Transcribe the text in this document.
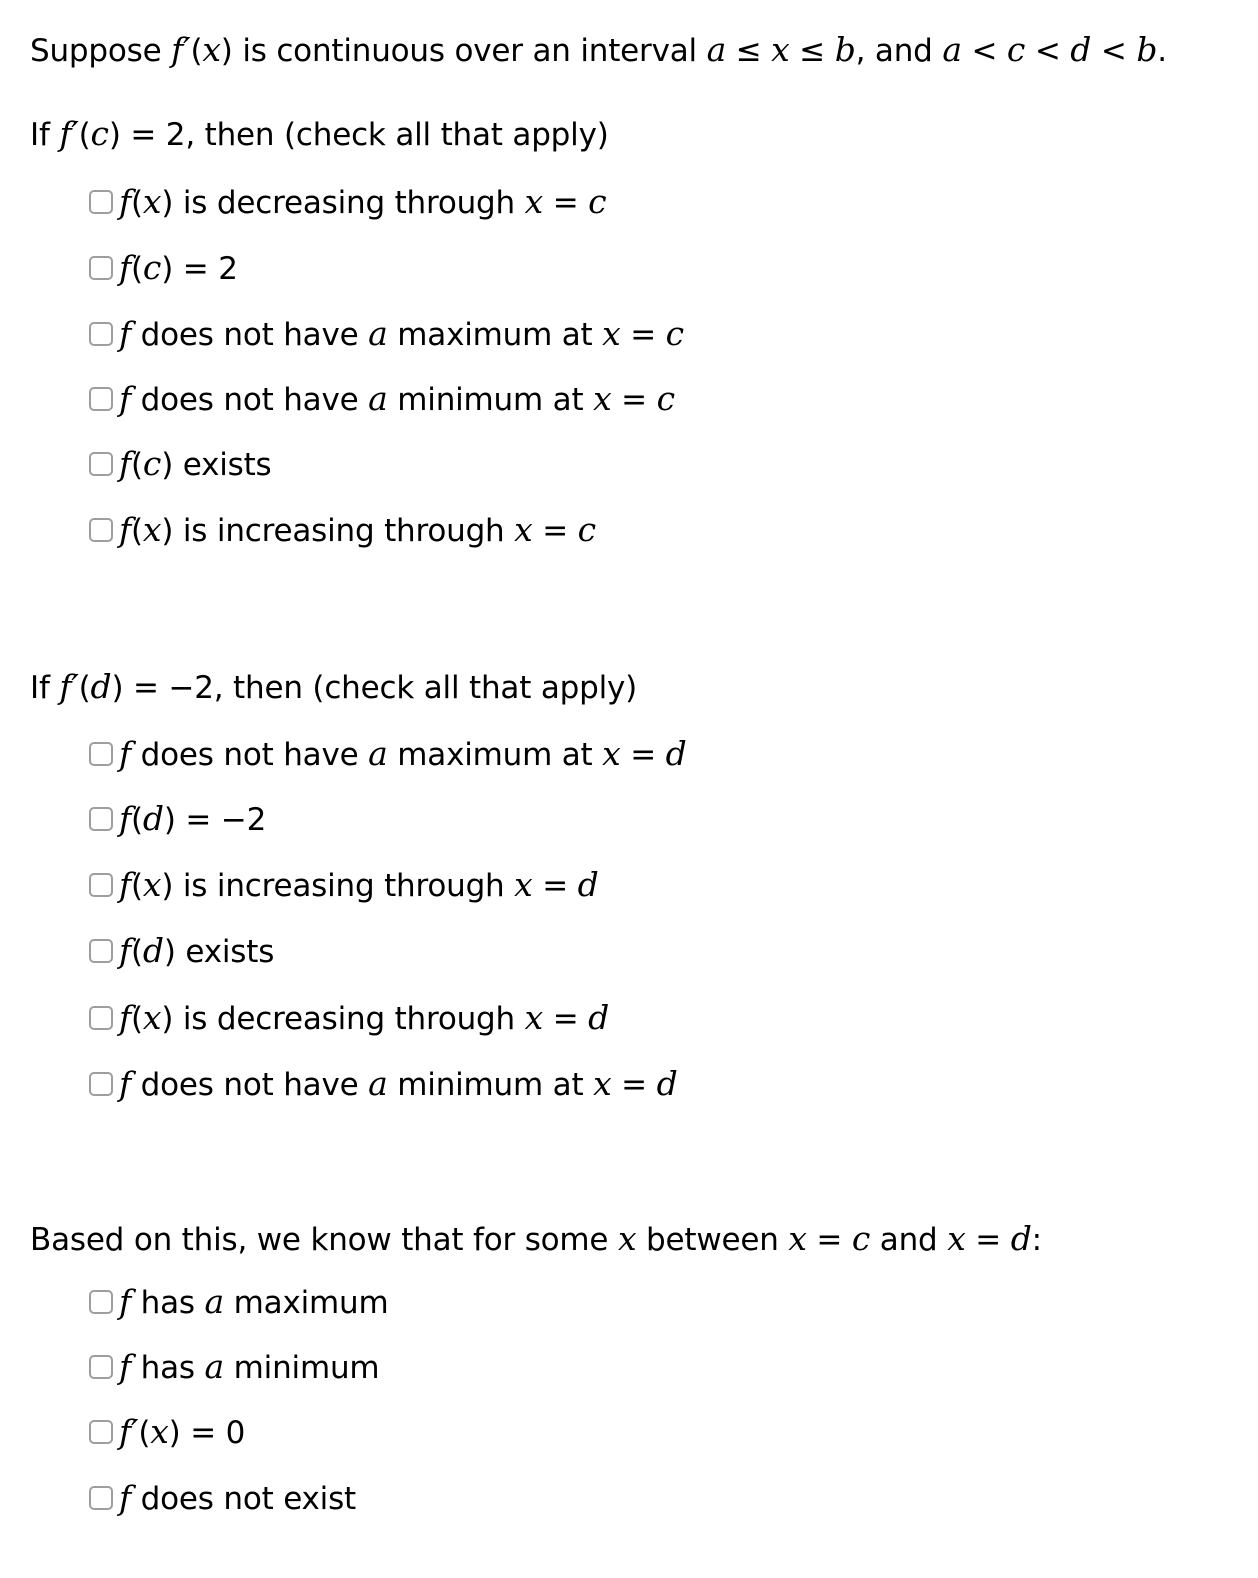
Suppose f′(x) is continuous over an interval a ≤ x ≤ b, and a < c < d < b.

If f′(c) = 2, then (check all that apply)

f(x) is decreasing through x = c
f(c) = 2
f does not have a maximum at x = c
f does not have a minimum at x = c
f(c) exists
f(x) is increasing through x = c

If f′(d) = −2, then (check all that apply)

f does not have a maximum at x = d
f(d) = −2
f(x) is increasing through x = d
f(d) exists
f(x) is decreasing through x = d
f does not have a minimum at x = d

Based on this, we know that for some x between x = c and x = d:

f has a maximum
f has a minimum
f′(x) = 0
f does not exist
